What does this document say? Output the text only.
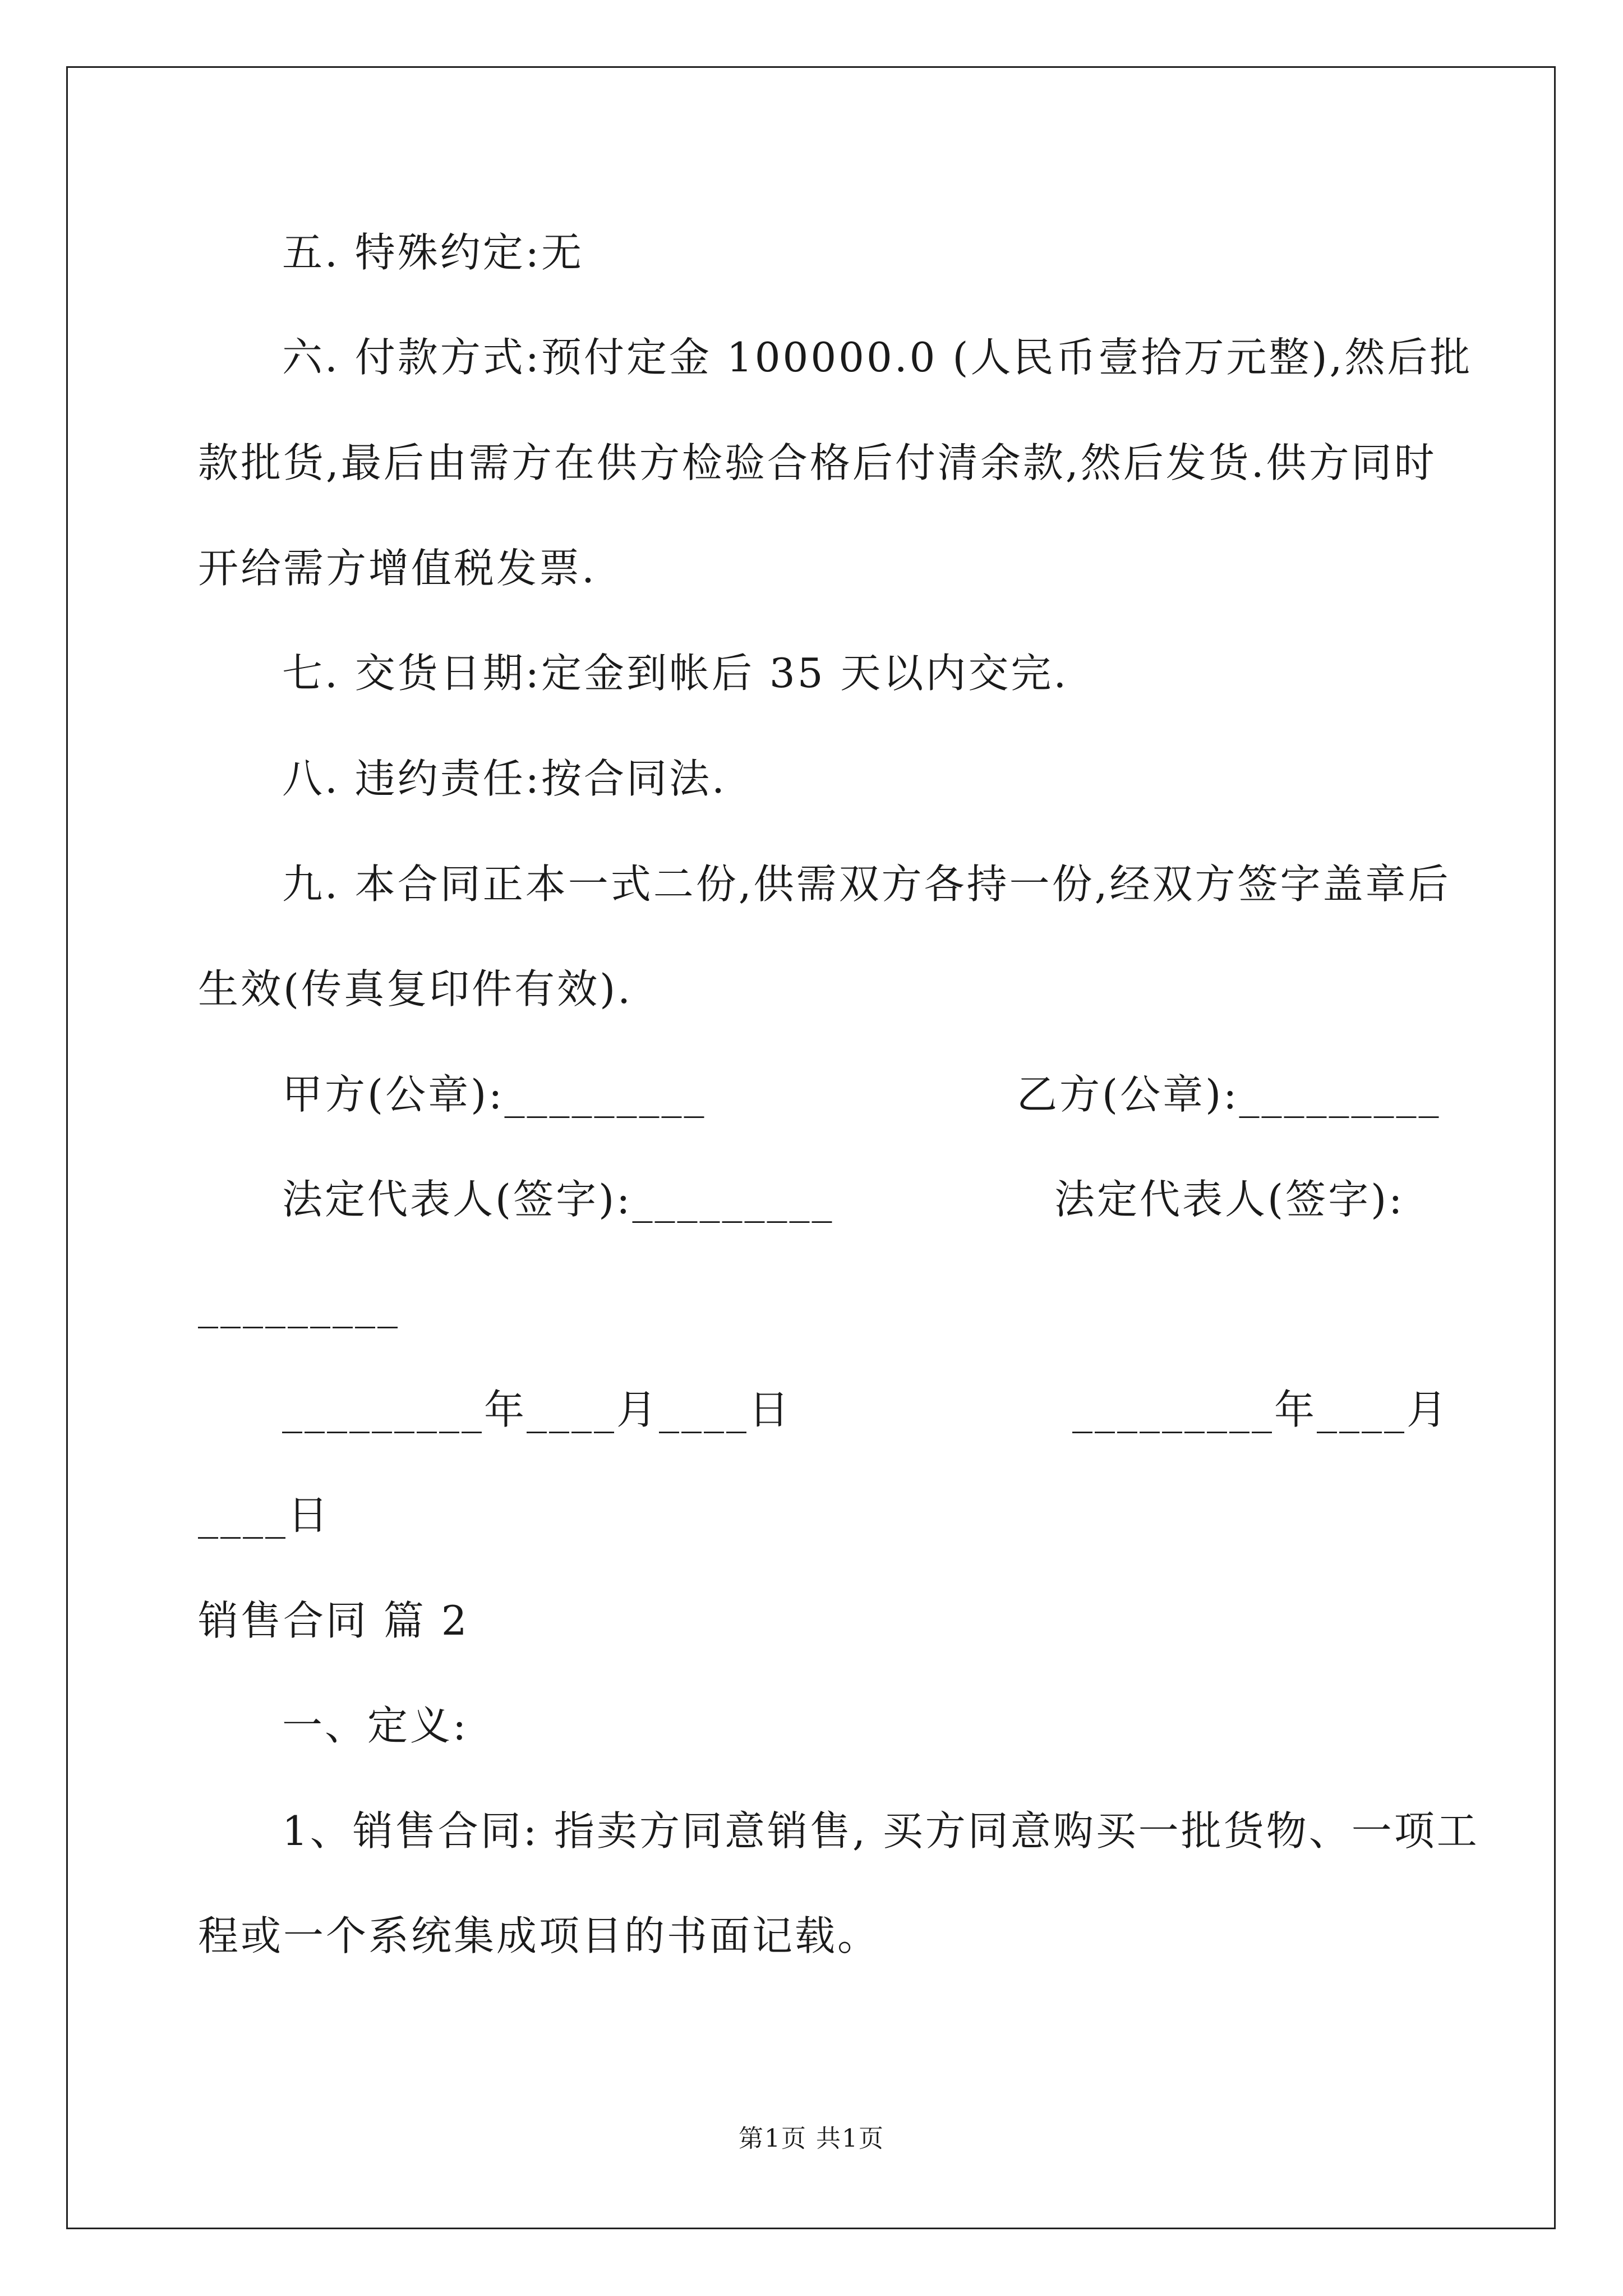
五. 特殊约定:无
六. 付款方式:预付定金 100000.0 (人民币壹拾万元整),然后批
款批货,最后由需方在供方检验合格后付清余款,然后发货.供方同时
开给需方增值税发票.
七. 交货日期:定金到帐后 35 天以内交完.
八. 违约责任:按合同法.
九. 本合同正本一式二份,供需双方各持一份,经双方签字盖章后
生效(传真复印件有效).
甲方(公章):_________	乙方(公章):_________
法定代表人(签字):_________	法定代表人(签字):
_________
_________年____月____日	_________年____月
____日
销售合同 篇 2
一、定义:
1、销售合同: 指卖方同意销售, 买方同意购买一批货物、一项工
程或一个系统集成项目的书面记载。
第1页 共1页
